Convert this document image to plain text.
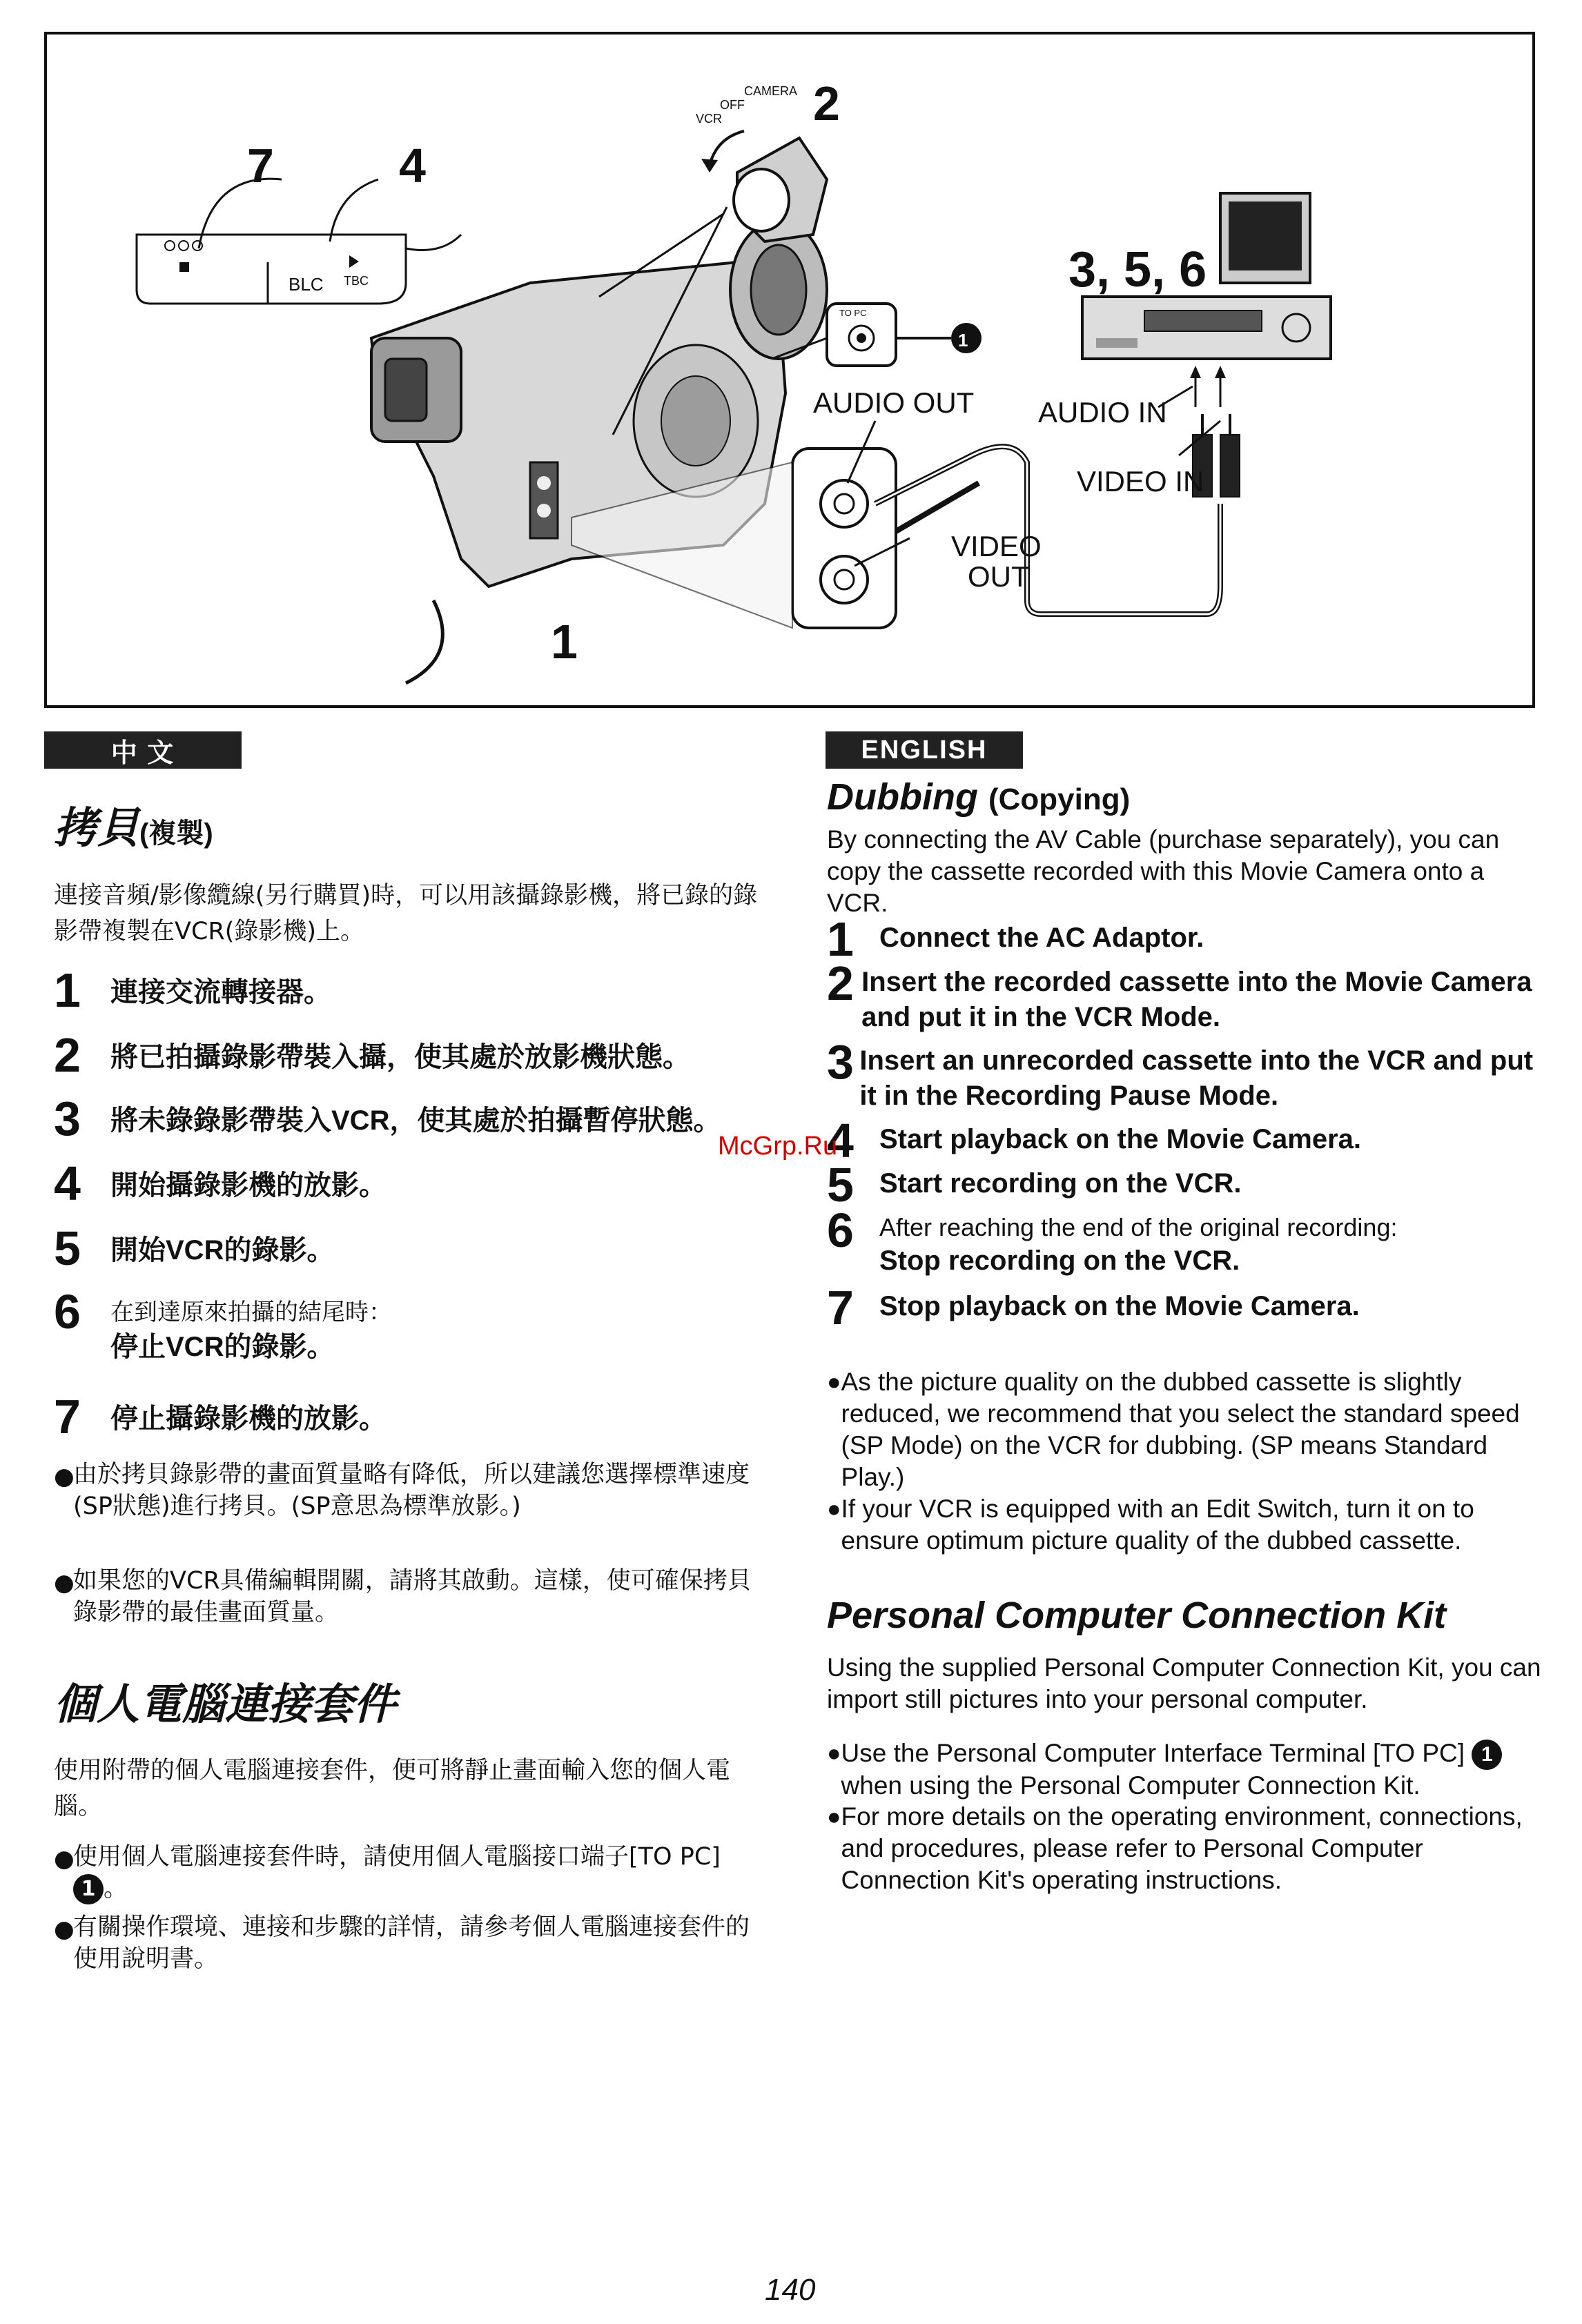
7	4
2
3, 5, 6
1
BLC TBC
CAMERA
OFF
VCR
TO PC
AUDIO OUT AUDIO IN
VIDEO IN
VIDEO
OUT
1
中 文
拷貝(複製)
連接音頻/影像纜線(另行購買)時，可以用該攝錄影機，將已錄的錄影帶複製在VCR(錄影機)上。
1	連接交流轉接器。
2	將已拍攝錄影帶裝入攝，使其處於放影機狀態。
3	將未錄錄影帶裝入VCR，使其處於拍攝暫停狀態。
4	開始攝錄影機的放影。
5	開始VCR的錄影。
6	在到達原來拍攝的結尾時：
停止VCR的錄影。
7	停止攝錄影機的放影。
●
由於拷貝錄影帶的畫面質量略有降低，所以建議您選擇標準速度(SP狀態)進行拷貝。(SP意思為標準放影。)
●
如果您的VCR具備編輯開關，請將其啟動。這樣，使可確保拷貝錄影帶的最佳畫面質量。
個人電腦連接套件
使用附帶的個人電腦連接套件，便可將靜止畫面輸入您的個人電腦。
●
使用個人電腦連接套件時，請使用個人電腦接口端子[TO PC]
1 。
●
有關操作環境、連接和步驟的詳情，請參考個人電腦連接套件的使用說明書。
ENGLISH
Dubbing (Copying)
By connecting the AV Cable (purchase separately), you can copy the cassette recorded with this Movie Camera onto a VCR.
1 Connect the AC Adaptor.
2 Insert the recorded cassette into the Movie Camera and put it in the VCR Mode.
3 Insert an unrecorded cassette into the VCR and put it in the Recording Pause Mode.
4 Start playback on the Movie Camera.
5 Start recording on the VCR.
6	After reaching the end of the original recording:
Stop recording on the VCR.
7 Stop playback on the Movie Camera.
● As the picture quality on the dubbed cassette is slightly reduced, we recommend that you select the standard speed (SP Mode) on the VCR for dubbing. (SP means Standard Play.)
● If your VCR is equipped with an Edit Switch, turn it on to ensure optimum picture quality of the dubbed cassette.
Personal Computer Connection Kit
Using the supplied Personal Computer Connection Kit, you can import still pictures into your personal computer.
● Use the Personal Computer Interface Terminal [TO PC] 1 when using the Personal Computer Connection Kit.
● For more details on the operating environment, connections, and procedures, please refer to Personal Computer Connection Kit's operating instructions.
McGrp.Ru
140
